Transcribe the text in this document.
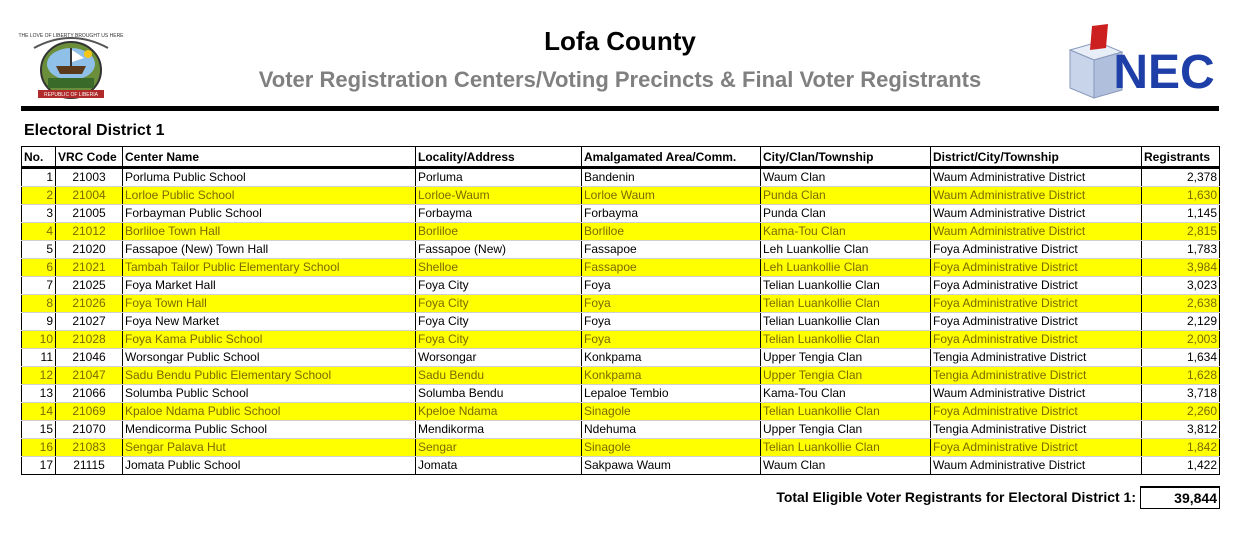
THE LOVE OF LIBERTY BROUGHT US HERE
REPUBLIC OF LIBERIA
Lofa County
Voter Registration Centers/Voting Precincts & Final Voter Registrants	NEC
Electoral District 1
No.	VRC Code	Center Name	Locality/Address	Amalgamated Area/Comm.	City/Clan/Township	District/City/Township	Registrants
1	21003	Porluma Public School	Porluma	Bandenin	Waum Clan	Waum Administrative District	2,378
2	21004	Lorloe Public School	Lorloe-Waum	Lorloe Waum	Punda Clan	Waum Administrative District	1,630
3	21005	Forbayman Public School	Forbayma	Forbayma	Punda Clan	Waum Administrative District	1,145
4	21012	Borliloe Town Hall	Borliloe	Borliloe	Kama-Tou Clan	Waum Administrative District	2,815
5	21020	Fassapoe (New) Town Hall	Fassapoe (New)	Fassapoe	Leh Luankollie Clan	Foya Administrative District	1,783
6	21021	Tambah Tailor Public Elementary School	Shelloe	Fassapoe	Leh Luankollie Clan	Foya Administrative District	3,984
7	21025	Foya Market Hall	Foya City	Foya	Telian Luankollie Clan	Foya Administrative District	3,023
8	21026	Foya Town Hall	Foya City	Foya	Telian Luankollie Clan	Foya Administrative District	2,638
9	21027	Foya New Market	Foya City	Foya	Telian Luankollie Clan	Foya Administrative District	2,129
10	21028	Foya Kama Public School	Foya City	Foya	Telian Luankollie Clan	Foya Administrative District	2,003
11	21046	Worsongar Public School	Worsongar	Konkpama	Upper Tengia Clan	Tengia Administrative District	1,634
12	21047	Sadu Bendu Public Elementary School	Sadu Bendu	Konkpama	Upper Tengia Clan	Tengia Administrative District	1,628
13	21066	Solumba Public School	Solumba Bendu	Lepaloe Tembio	Kama-Tou Clan	Waum Administrative District	3,718
14	21069	Kpaloe Ndama Public School	Kpeloe Ndama	Sinagole	Telian Luankollie Clan	Foya Administrative District	2,260
15	21070	Mendicorma Public School	Mendikorma	Ndehuma	Upper Tengia Clan	Tengia Administrative District	3,812
16	21083	Sengar Palava Hut	Sengar	Sinagole	Telian Luankollie Clan	Foya Administrative District	1,842
17	21115	Jomata Public School	Jomata	Sakpawa Waum	Waum Clan	Waum Administrative District	1,422
Total Eligible Voter Registrants for Electoral District 1:	39,844
